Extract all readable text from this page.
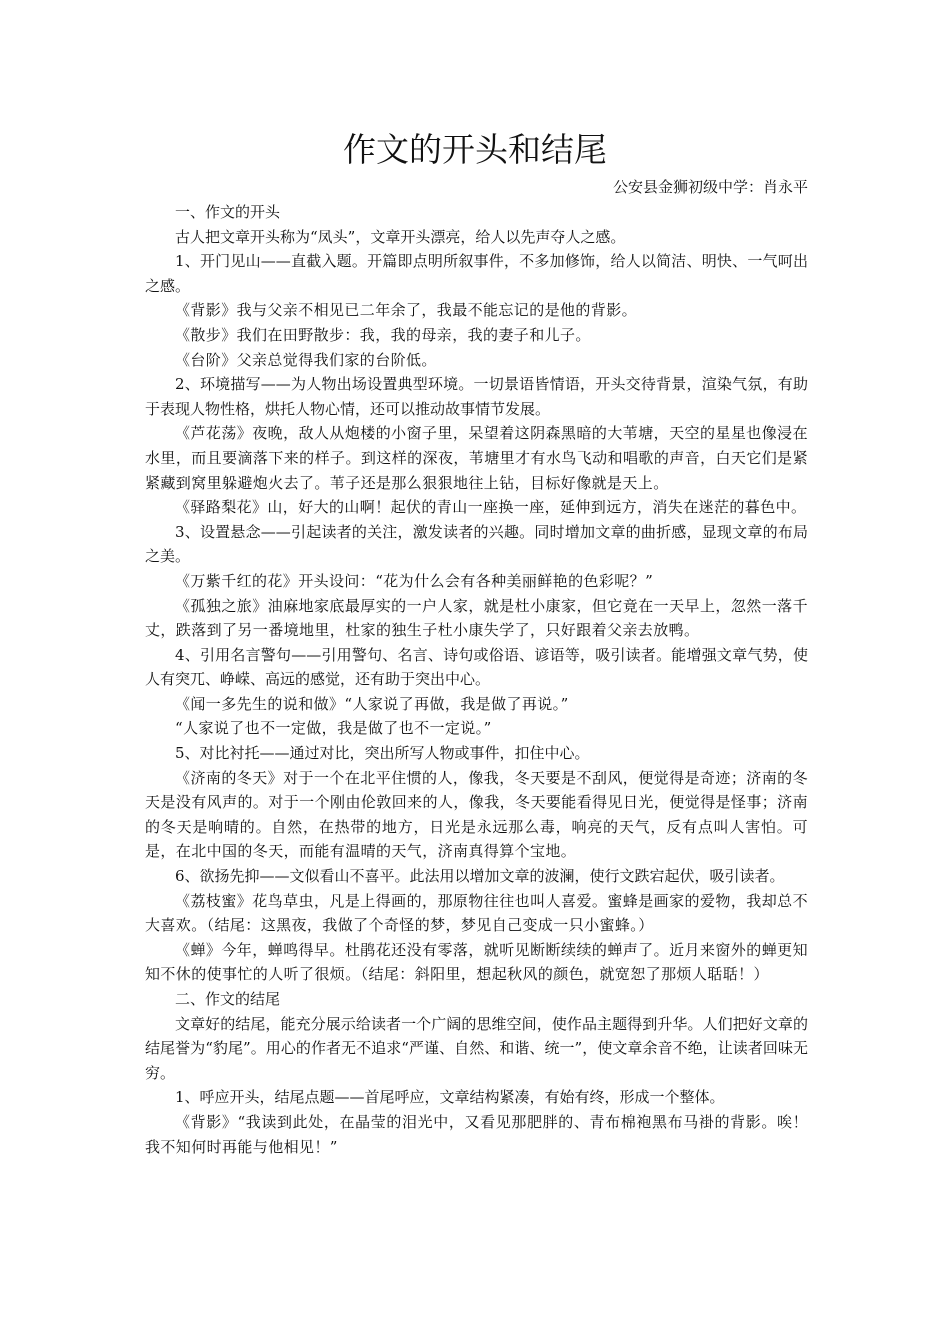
作文的开头和结尾
公安县金狮初级中学：肖永平

一、作文的开头

古人把文章开头称为“凤头”，文章开头漂亮，给人以先声夺人之感。

1、开门见山——直截入题。开篇即点明所叙事件，不多加修饰，给人以简洁、明快、一气呵出之感。

《背影》我与父亲不相见已二年余了，我最不能忘记的是他的背影。

《散步》我们在田野散步：我，我的母亲，我的妻子和儿子。

《台阶》父亲总觉得我们家的台阶低。

2、环境描写——为人物出场设置典型环境。一切景语皆情语，开头交待背景，渲染气氛，有助于表现人物性格，烘托人物心情，还可以推动故事情节发展。

《芦花荡》夜晚，敌人从炮楼的小窗子里，呆望着这阴森黑暗的大苇塘，天空的星星也像浸在水里，而且要滴落下来的样子。到这样的深夜，苇塘里才有水鸟飞动和唱歌的声音，白天它们是紧紧藏到窝里躲避炮火去了。苇子还是那么狠狠地往上钻，目标好像就是天上。

《驿路梨花》山，好大的山啊！起伏的青山一座换一座，延伸到远方，消失在迷茫的暮色中。

3、设置悬念——引起读者的关注，激发读者的兴趣。同时增加文章的曲折感，显现文章的布局之美。

《万紫千红的花》开头设问：“花为什么会有各种美丽鲜艳的色彩呢？”

《孤独之旅》油麻地家底最厚实的一户人家，就是杜小康家，但它竟在一天早上，忽然一落千丈，跌落到了另一番境地里，杜家的独生子杜小康失学了，只好跟着父亲去放鸭。

4、引用名言警句——引用警句、名言、诗句或俗语、谚语等，吸引读者。能增强文章气势，使人有突兀、峥嵘、高远的感觉，还有助于突出中心。

《闻一多先生的说和做》“人家说了再做，我是做了再说。”

“人家说了也不一定做，我是做了也不一定说。”

5、对比衬托——通过对比，突出所写人物或事件，扣住中心。

《济南的冬天》对于一个在北平住惯的人，像我，冬天要是不刮风，便觉得是奇迹；济南的冬天是没有风声的。对于一个刚由伦敦回来的人，像我，冬天要能看得见日光，便觉得是怪事；济南的冬天是响晴的。自然，在热带的地方，日光是永远那么毒，响亮的天气，反有点叫人害怕。可是，在北中国的冬天，而能有温晴的天气，济南真得算个宝地。

6、欲扬先抑——文似看山不喜平。此法用以增加文章的波澜，使行文跌宕起伏，吸引读者。

《荔枝蜜》花鸟草虫，凡是上得画的，那原物往往也叫人喜爱。蜜蜂是画家的爱物，我却总不大喜欢。（结尾：这黑夜，我做了个奇怪的梦，梦见自己变成一只小蜜蜂。）

《蝉》今年，蝉鸣得早。杜鹃花还没有零落，就听见断断续续的蝉声了。近月来窗外的蝉更知知不休的使事忙的人听了很烦。（结尾：斜阳里，想起秋风的颜色，就宽恕了那烦人聒聒！）

二、作文的结尾

文章好的结尾，能充分展示给读者一个广阔的思维空间，使作品主题得到升华。人们把好文章的结尾誉为“豹尾”。用心的作者无不追求“严谨、自然、和谐、统一”，使文章余音不绝，让读者回味无穷。

1、呼应开头，结尾点题——首尾呼应，文章结构紧凑，有始有终，形成一个整体。

《背影》“我读到此处，在晶莹的泪光中，又看见那肥胖的、青布棉袍黑布马褂的背影。唉！我不知何时再能与他相见！”
